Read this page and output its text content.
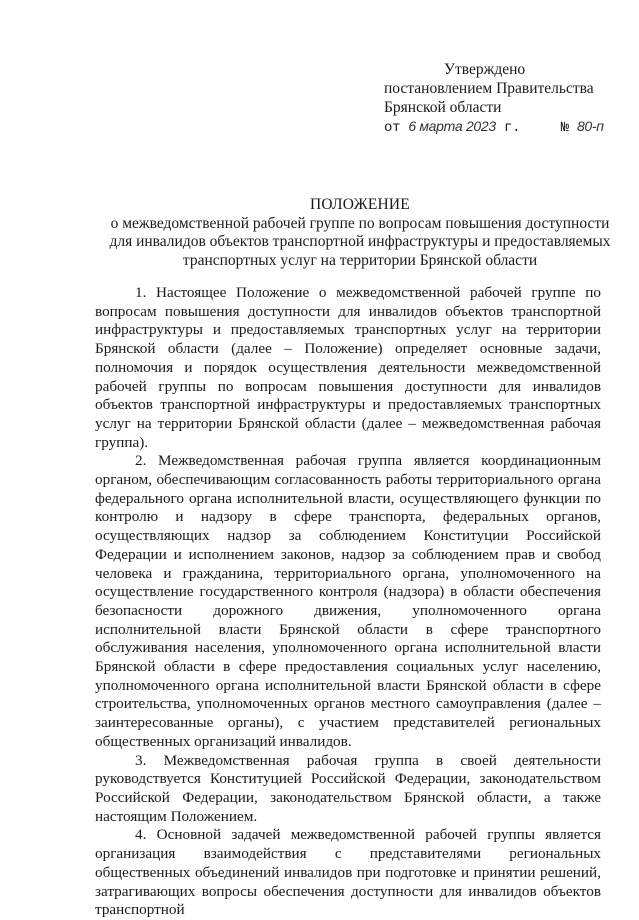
Утверждено
постановлением Правительства
Брянской области
от 6 марта 2023 г.	№ 80-п
ПОЛОЖЕНИЕ
о межведомственной рабочей группе по вопросам повышения доступности
для инвалидов объектов транспортной инфраструктуры и предоставляемых
транспортных услуг на территории Брянской области

1. Настоящее Положение о межведомственной рабочей группе по вопросам повышения доступности для инвалидов объектов транспортной инфраструктуры и предоставляемых транспортных услуг на территории Брянской области (далее – Положение) определяет основные задачи, полномочия и порядок осуществления деятельности межведомственной рабочей группы по вопросам повышения доступности для инвалидов объектов транспортной инфраструктуры и предоставляемых транспортных услуг на территории Брянской области (далее – межведомственная рабочая группа).

2. Межведомственная рабочая группа является координационным органом, обеспечивающим согласованность работы территориального органа федерального органа исполнительной власти, осуществляющего функции по контролю и надзору в сфере транспорта, федеральных органов, осуществляющих надзор за соблюдением Конституции Российской Федерации и исполнением законов, надзор за соблюдением прав и свобод человека и гражданина, территориального органа, уполномоченного на осуществление государственного контроля (надзора) в области обеспечения безопасности дорожного движения, уполномоченного органа исполнительной власти Брянской области в сфере транспортного обслуживания населения, уполномоченного органа исполнительной власти Брянской области в сфере предоставления социальных услуг населению, уполномоченного органа исполнительной власти Брянской области в сфере строительства, уполномоченных органов местного самоуправления (далее – заинтересованные органы), с участием представителей региональных общественных организаций инвалидов.

3. Межведомственная рабочая группа в своей деятельности руководствуется Конституцией Российской Федерации, законодательством Российской Федерации, законодательством Брянской области, а также настоящим Положением.

4. Основной задачей межведомственной рабочей группы является организация взаимодействия с представителями региональных общественных объединений инвалидов при подготовке и принятии решений, затрагивающих вопросы обеспечения доступности для инвалидов объектов транспортной
